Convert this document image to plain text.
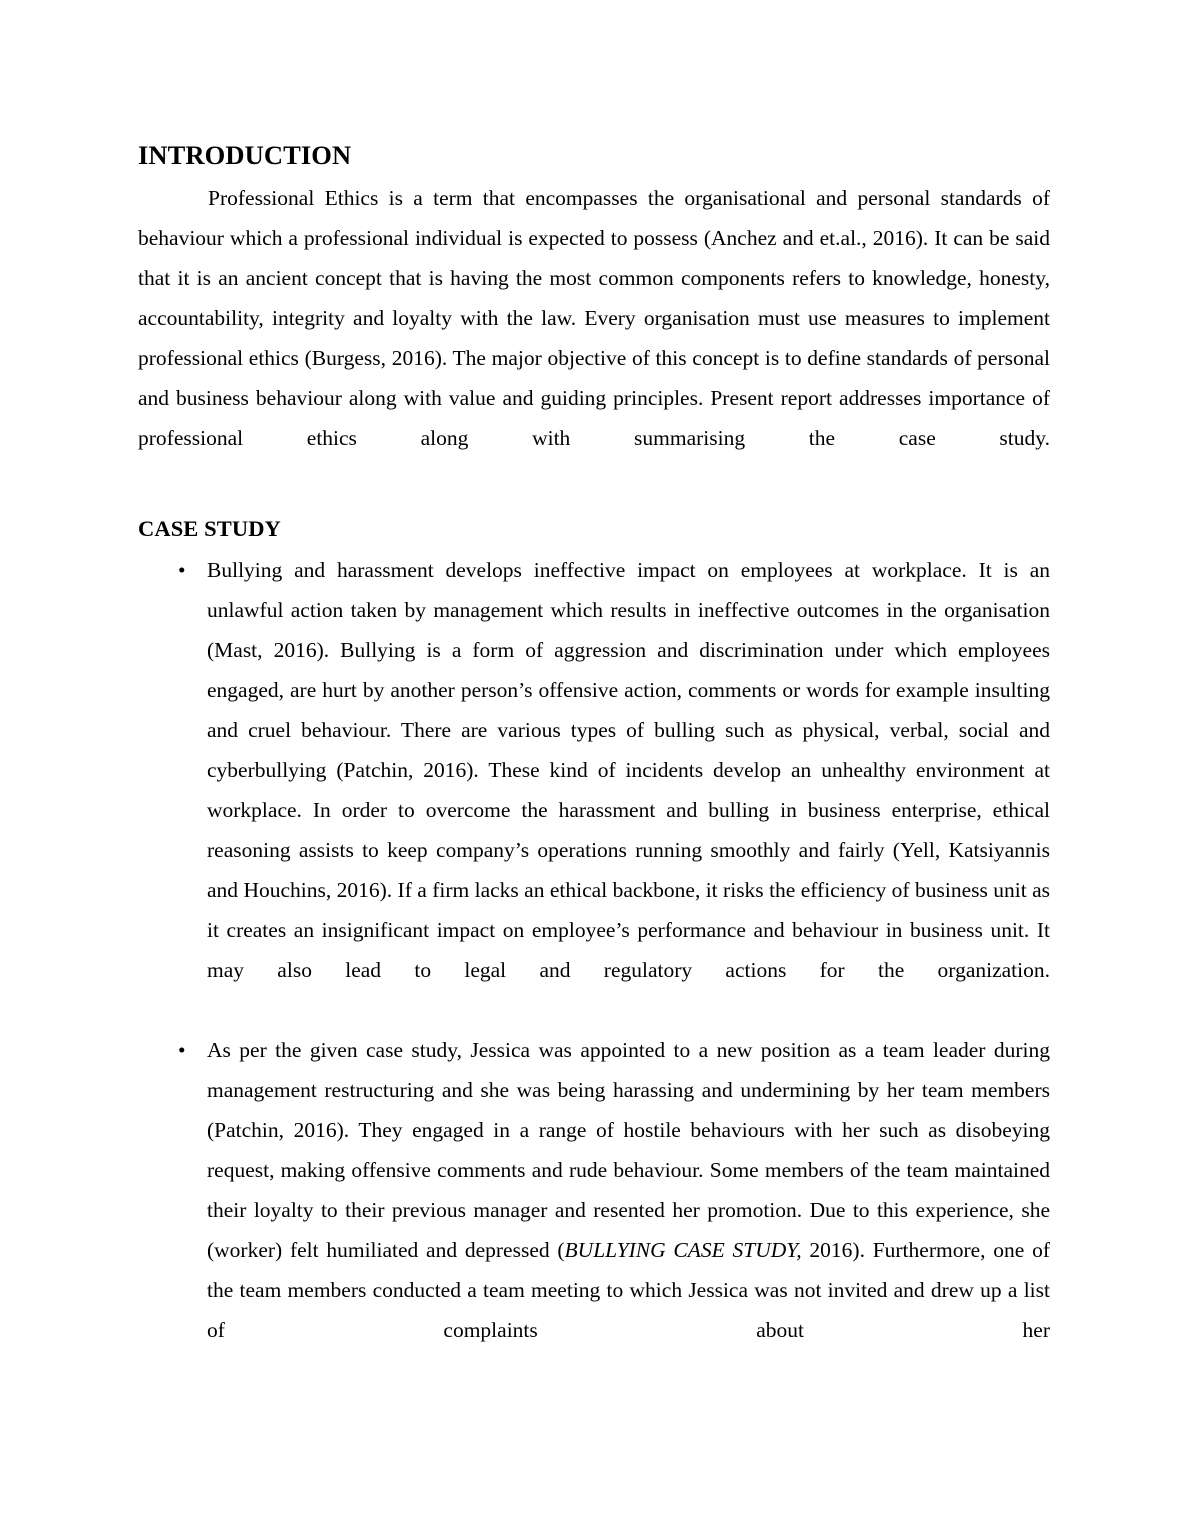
INTRODUCTION

Professional Ethics is a term that encompasses the organisational and personal standards of behaviour which a professional individual is expected to possess (Anchez and et.al., 2016). It can be said that it is an ancient concept that is having the most common components refers to knowledge, honesty, accountability, integrity and loyalty with the law. Every organisation must use measures to implement professional ethics (Burgess, 2016). The major objective of this concept is to define standards of personal and business behaviour along with value and guiding principles. Present report addresses importance of professional ethics along with summarising the case study.

CASE STUDY
• Bullying and harassment develops ineffective impact on employees at workplace. It is an unlawful action taken by management which results in ineffective outcomes in the organisation (Mast, 2016). Bullying is a form of aggression and discrimination under which employees engaged, are hurt by another person’s offensive action, comments or words for example insulting and cruel behaviour. There are various types of bulling such as physical, verbal, social and cyberbullying (Patchin, 2016). These kind of incidents develop an unhealthy environment at workplace. In order to overcome the harassment and bulling in business enterprise, ethical reasoning assists to keep company’s operations running smoothly and fairly (Yell, Katsiyannis and Houchins, 2016). If a firm lacks an ethical backbone, it risks the efficiency of business unit as it creates an insignificant impact on employee’s performance and behaviour in business unit. It may also lead to legal and regulatory actions for the organization.
• As per the given case study, Jessica was appointed to a new position as a team leader during management restructuring and she was being harassing and undermining by her team members (Patchin, 2016). They engaged in a range of hostile behaviours with her such as disobeying request, making offensive comments and rude behaviour. Some members of the team maintained their loyalty to their previous manager and resented her promotion. Due to this experience, she (worker) felt humiliated and depressed (BULLYING CASE STUDY, 2016). Furthermore, one of the team members conducted a team meeting to which Jessica was not invited and drew up a list of complaints about her
